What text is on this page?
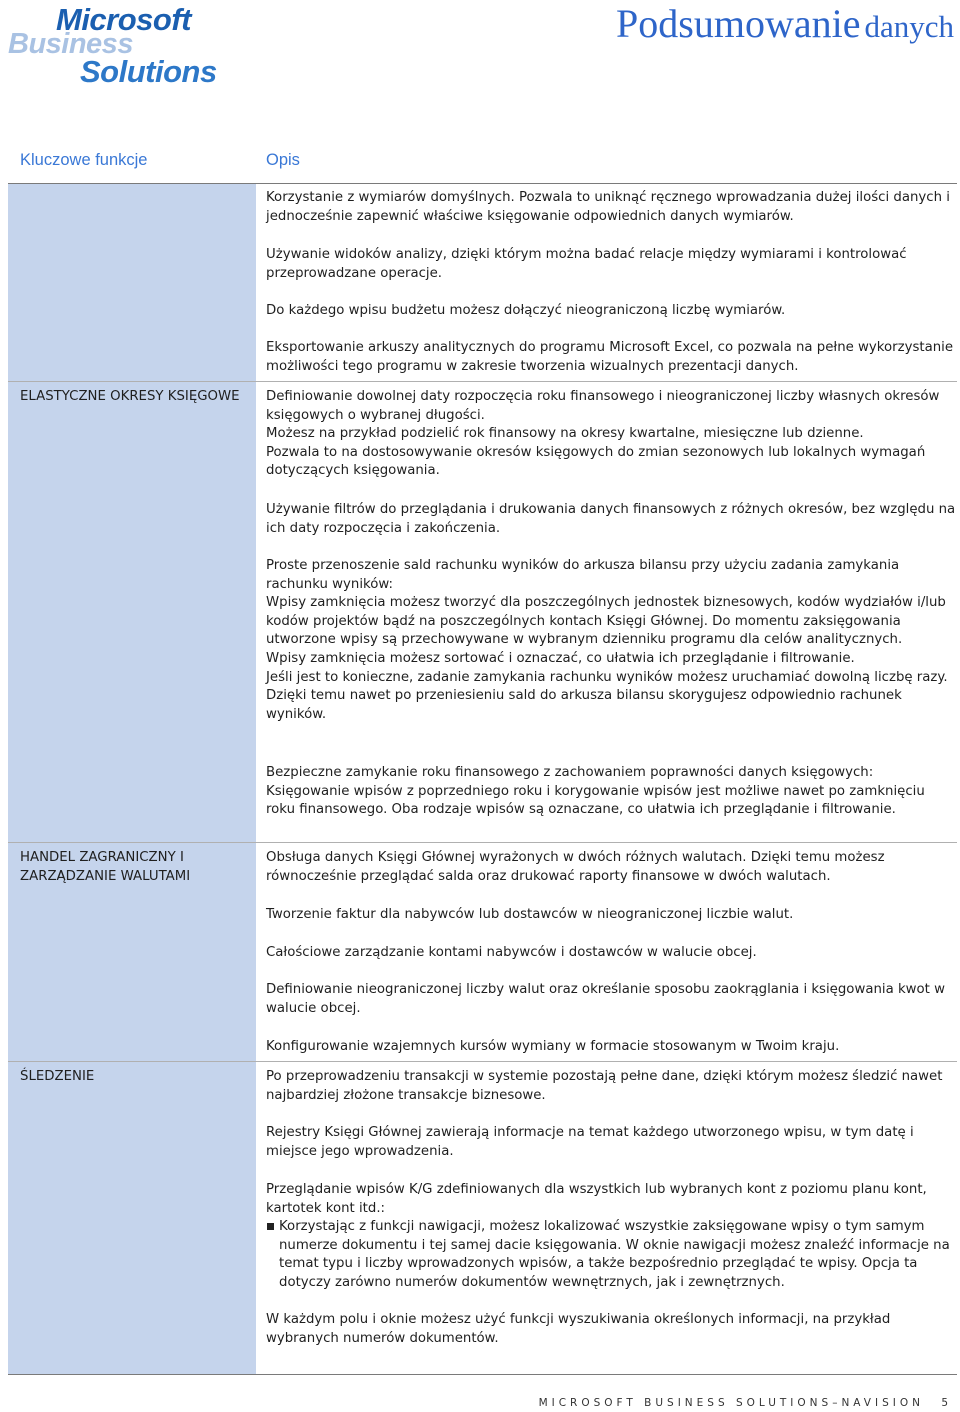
Microsoft
Business
Solutions
Podsumowanie danych
Kluczowe funkcje	Opis
ELASTYCZNE OKRESY KSIĘGOWE
HANDEL ZAGRANICZNY I ZARZĄDZANIE WALUTAMI
ŚLEDZENIE

Korzystanie z wymiarów domyślnych. Pozwala to uniknąć ręcznego wprowadzania dużej ilości danych i jednocześnie zapewnić właściwe księgowanie odpowiednich danych wymiarów.

Używanie widoków analizy, dzięki którym można badać relacje między wymiarami i kontrolować przeprowadzane operacje.

Do każdego wpisu budżetu możesz dołączyć nieograniczoną liczbę wymiarów.

Eksportowanie arkuszy analitycznych do programu Microsoft Excel, co pozwala na pełne wykorzystanie możliwości tego programu w zakresie tworzenia wizualnych prezentacji danych.

Definiowanie dowolnej daty rozpoczęcia roku finansowego i nieograniczonej liczby własnych okresów księgowych o wybranej długości.

Możesz na przykład podzielić rok finansowy na okresy kwartalne, miesięczne lub dzienne.

Pozwala to na dostosowywanie okresów księgowych do zmian sezonowych lub lokalnych wymagań dotyczących księgowania.

Używanie filtrów do przeglądania i drukowania danych finansowych z różnych okresów, bez względu na ich daty rozpoczęcia i zakończenia.

Proste przenoszenie sald rachunku wyników do arkusza bilansu przy użyciu zadania zamykania rachunku wyników:

Wpisy zamknięcia możesz tworzyć dla poszczególnych jednostek biznesowych, kodów wydziałów i/lub kodów projektów bądź na poszczególnych kontach Księgi Głównej. Do momentu zaksięgowania utworzone wpisy są przechowywane w wybranym dzienniku programu dla celów analitycznych.

Wpisy zamknięcia możesz sortować i oznaczać, co ułatwia ich przeglądanie i filtrowanie.

Jeśli jest to konieczne, zadanie zamykania rachunku wyników możesz uruchamiać dowolną liczbę razy. Dzięki temu nawet po przeniesieniu sald do arkusza bilansu skorygujesz odpowiednio rachunek wyników.

Bezpieczne zamykanie roku finansowego z zachowaniem poprawności danych księgowych: Księgowanie wpisów z poprzedniego roku i korygowanie wpisów jest możliwe nawet po zamknięciu roku finansowego. Oba rodzaje wpisów są oznaczane, co ułatwia ich przeglądanie i filtrowanie.

Obsługa danych Księgi Głównej wyrażonych w dwóch różnych walutach. Dzięki temu możesz równocześnie przeglądać salda oraz drukować raporty finansowe w dwóch walutach.

Tworzenie faktur dla nabywców lub dostawców w nieograniczonej liczbie walut.

Całościowe zarządzanie kontami nabywców i dostawców w walucie obcej.

Definiowanie nieograniczonej liczby walut oraz określanie sposobu zaokrąglania i księgowania kwot w walucie obcej.

Konfigurowanie wzajemnych kursów wymiany w formacie stosowanym w Twoim kraju.

Po przeprowadzeniu transakcji w systemie pozostają pełne dane, dzięki którym możesz śledzić nawet najbardziej złożone transakcje biznesowe.

Rejestry Księgi Głównej zawierają informacje na temat każdego utworzonego wpisu, w tym datę i miejsce jego wprowadzenia.

Przeglądanie wpisów K/G zdefiniowanych dla wszystkich lub wybranych kont z poziomu planu kont, kartotek kont itd.:

Korzystając z funkcji nawigacji, możesz lokalizować wszystkie zaksięgowane wpisy o tym samym numerze dokumentu i tej samej dacie księgowania. W oknie nawigacji możesz znaleźć informacje na temat typu i liczby wprowadzonych wpisów, a także bezpośrednio przeglądać te wpisy. Opcja ta dotyczy zarówno numerów dokumentów wewnętrznych, jak i zewnętrznych.

W każdym polu i oknie możesz użyć funkcji wyszukiwania określonych informacji, na przykład wybranych numerów dokumentów.

MICROSOFT BUSINESS SOLUTIONS–NAVISION 5
